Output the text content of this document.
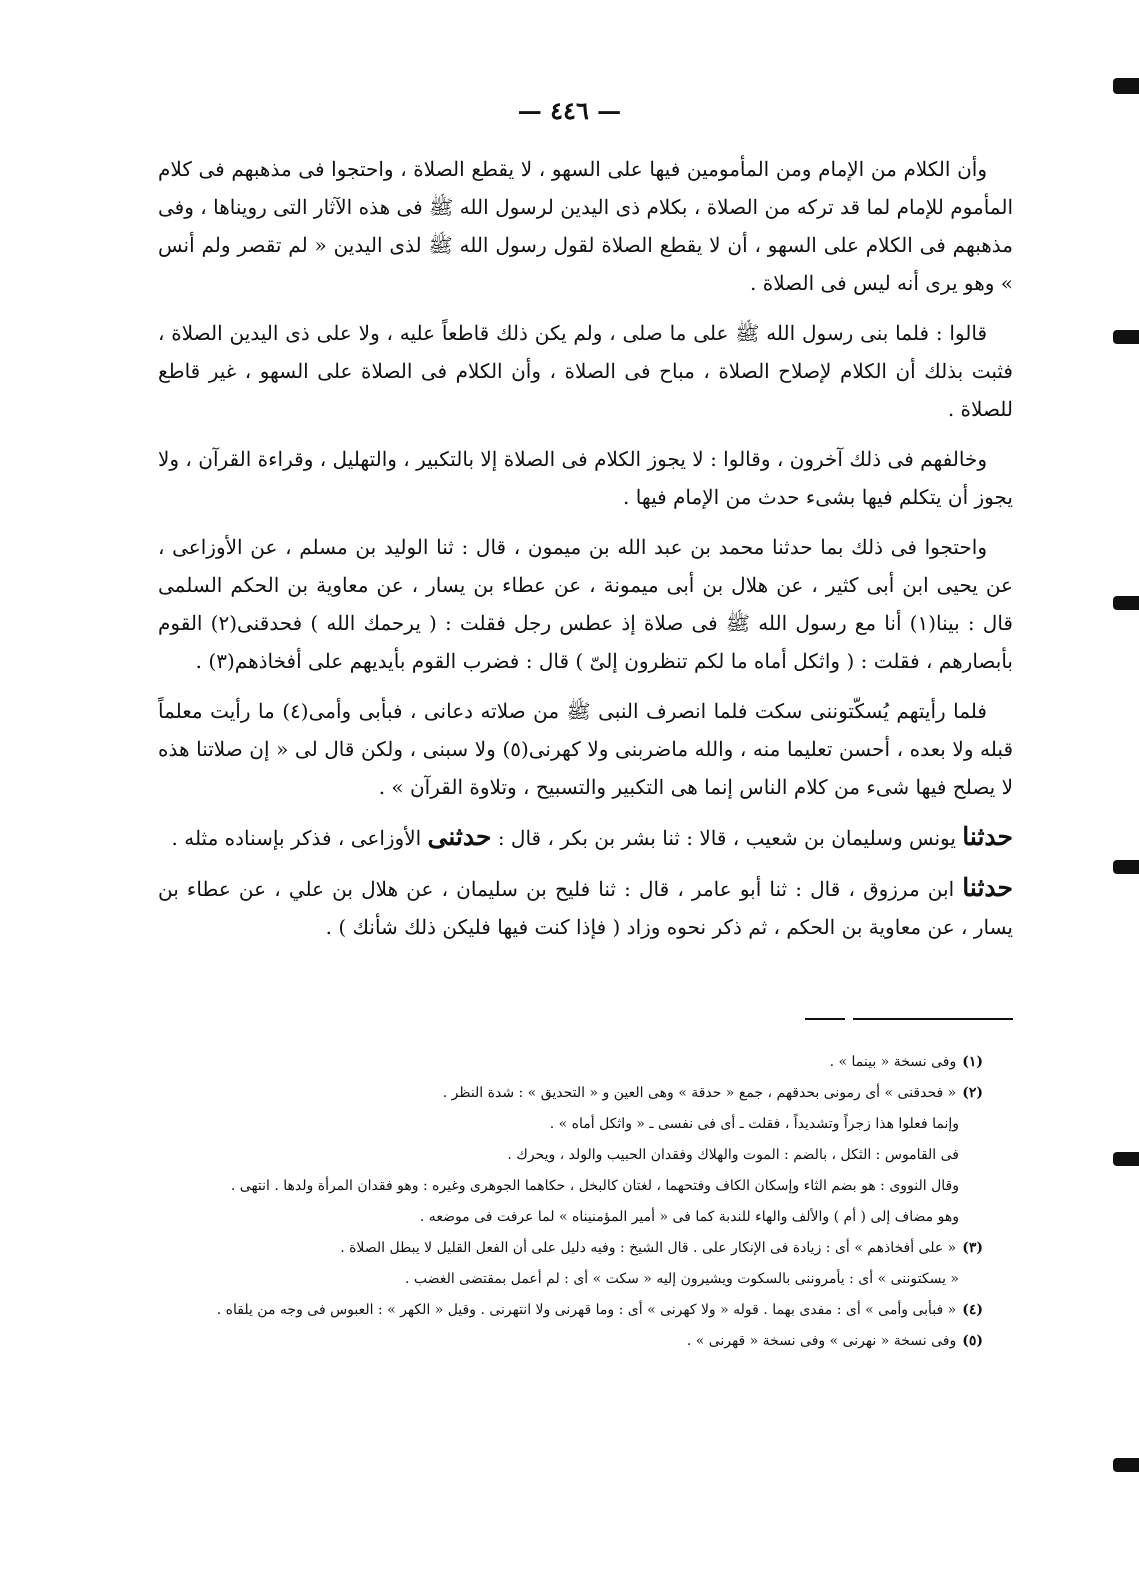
— ٤٤٦ —

وأن الكلام من الإمام ومن المأمومين فيها على السهو ، لا يقطع الصلاة ، واحتجوا فى مذهبهم فى كلام المأموم للإمام لما قد تركه من الصلاة ، بكلام ذى اليدين لرسول الله ﷺ فى هذه الآثار التى رويناها ، وفى مذهبهم فى الكلام على السهو ، أن لا يقطع الصلاة لقول رسول الله ﷺ لذى اليدين « لم تقصر ولم أنس » وهو يرى أنه ليس فى الصلاة .

قالوا : فلما بنى رسول الله ﷺ على ما صلى ، ولم يكن ذلك قاطعاً عليه ، ولا على ذى اليدين الصلاة ، فثبت بذلك أن الكلام لإصلاح الصلاة ، مباح فى الصلاة ، وأن الكلام فى الصلاة على السهو ، غير قاطع للصلاة .

وخالفهم فى ذلك آخرون ، وقالوا : لا يجوز الكلام فى الصلاة إلا بالتكبير ، والتهليل ، وقراءة القرآن ، ولا يجوز أن يتكلم فيها بشىء حدث من الإمام فيها .

واحتجوا فى ذلك بما حدثنا محمد بن عبد الله بن ميمون ، قال : ثنا الوليد بن مسلم ، عن الأوزاعى ، عن يحيى ابن أبى كثير ، عن هلال بن أبى ميمونة ، عن عطاء بن يسار ، عن معاوية بن الحكم السلمى قال : بينا(١) أنا مع رسول الله ﷺ فى صلاة إذ عطس رجل فقلت : ( يرحمك الله ) فحدقنى(٢) القوم بأبصارهم ، فقلت : ( واثكل أماه ما لكم تنظرون إلىّ ) قال : فضرب القوم بأيديهم على أفخاذهم(٣) .

فلما رأيتهم يُسكّتوننى سكت فلما انصرف النبى ﷺ من صلاته دعانى ، فبأبى وأمى(٤) ما رأيت معلماً قبله ولا بعده ، أحسن تعليما منه ، والله ماضربنى ولا كهرنى(٥) ولا سبنى ، ولكن قال لى « إن صلاتنا هذه لا يصلح فيها شىء من كلام الناس إنما هى التكبير والتسبيح ، وتلاوة القرآن » .

حدثنا يونس وسليمان بن شعيب ، قالا : ثنا بشر بن بكر ، قال : حدثنى الأوزاعى ، فذكر بإسناده مثله .

حدثنا ابن مرزوق ، قال : ثنا أبو عامر ، قال : ثنا فليح بن سليمان ، عن هلال بن علي ، عن عطاء بن يسار ، عن معاوية بن الحكم ، ثم ذكر نحوه وزاد ( فإذا كنت فيها فليكن ذلك شأنك ) .

(١)وفى نسخة « بينما » .

(٢)« فحدقنى » أى رمونى بحدقهم ، جمع « حدقة » وهى العين و « التحديق » : شدة النظر .

وإنما فعلوا هذا زجراً وتشديداً ، فقلت ـ أى فى نفسى ـ « واثكل أماه » .

فى القاموس : الثكل ، بالضم : الموت والهلاك وفقدان الحبيب والولد ، ويحرك .

وقال النووى : هو بضم الثاء وإسكان الكاف وفتحهما ، لغتان كالبخل ، حكاهما الجوهرى وغيره : وهو فقدان المرأة ولدها . انتهى .

وهو مضاف إلى ( أم ) والألف والهاء للندبة كما فى « أمير المؤمنيناه » لما عرفت فى موضعه .

(٣)« على أفخاذهم » أى : زيادة فى الإنكار على . قال الشيخ : وفيه دليل على أن الفعل القليل لا يبطل الصلاة .

« يسكتوننى » أى : يأمروننى بالسكوت ويشيرون إليه « سكت » أى : لم أعمل بمقتضى الغضب .

(٤)« فبأبى وأمى » أى : مفدى بهما . قوله « ولا كهرنى » أى : وما قهرنى ولا انتهرنى . وقيل « الكهر » : العبوس فى وجه من يلقاه .

(٥)وفى نسخة « نهرنى » وفى نسخة « قهرنى » .
